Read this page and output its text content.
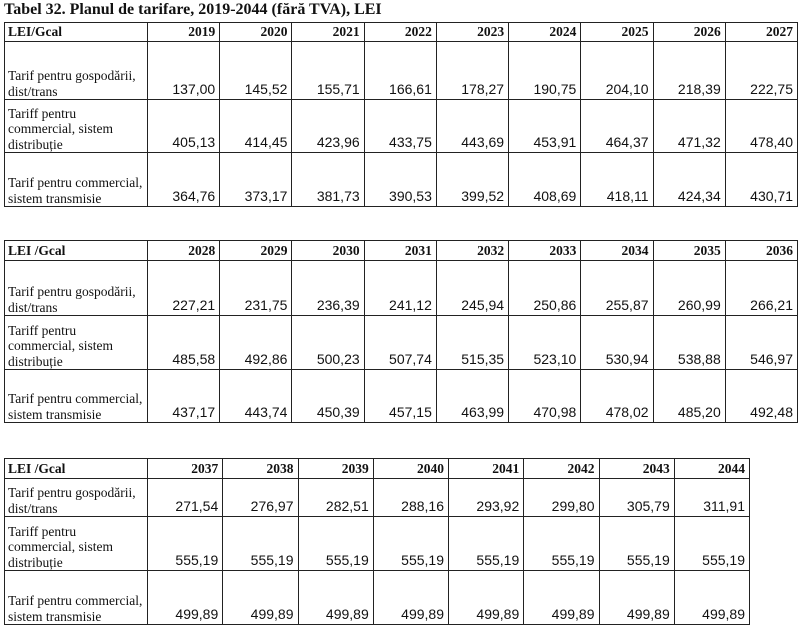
Tabel 32. Planul de tarifare, 2019-2044 (fără TVA), LEI
LEI/Gcal	2019	2020	2021	2022	2023	2024	2025	2026	2027
Tarif pentru gospodării, dist/trans	137,00	145,52	155,71	166,61	178,27	190,75	204,10	218,39	222,75
Tariff pentru commercial, sistem distribuție	405,13	414,45	423,96	433,75	443,69	453,91	464,37	471,32	478,40
Tarif pentru commercial, sistem transmisie	364,76	373,17	381,73	390,53	399,52	408,69	418,11	424,34	430,71
LEI /Gcal	2028	2029	2030	2031	2032	2033	2034	2035	2036
Tarif pentru gospodării, dist/trans	227,21	231,75	236,39	241,12	245,94	250,86	255,87	260,99	266,21
Tariff pentru commercial, sistem distribuție	485,58	492,86	500,23	507,74	515,35	523,10	530,94	538,88	546,97
Tarif pentru commercial, sistem transmisie	437,17	443,74	450,39	457,15	463,99	470,98	478,02	485,20	492,48
LEI /Gcal	2037	2038	2039	2040	2041	2042	2043	2044
Tarif pentru gospodării, dist/trans	271,54	276,97	282,51	288,16	293,92	299,80	305,79	311,91
Tariff pentru commercial, sistem distribuție	555,19	555,19	555,19	555,19	555,19	555,19	555,19	555,19
Tarif pentru commercial, sistem transmisie	499,89	499,89	499,89	499,89	499,89	499,89	499,89	499,89
